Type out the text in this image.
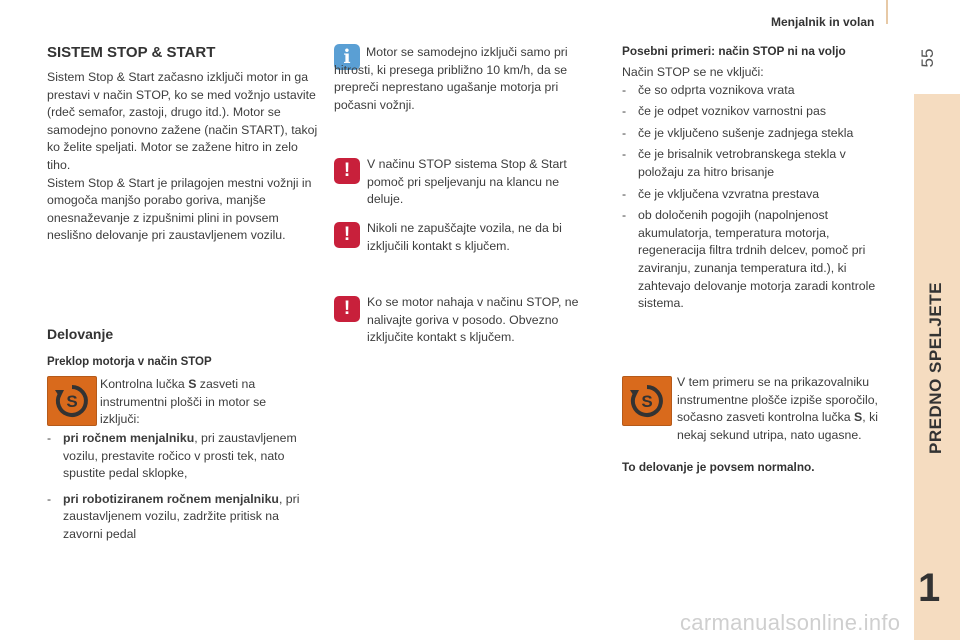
Menjalnik in volan
55
PREDNO SPELJETE
1
SISTEM STOP & START

Sistem Stop & Start začasno izključi motor in ga prestavi v način STOP, ko se med vožnjo ustavite (rdeč semafor, zastoji, drugo itd.). Motor se samodejno ponovno zažene (način START), takoj ko želite speljati. Motor se zažene hitro in zelo tiho.

Sistem Stop & Start je prilagojen mestni vožnji in omogoča manjšo porabo goriva, manjše onesnaževanje z izpušnimi plini in povsem neslišno delovanje pri zaustavljenem vozilu.

Delovanje
Preklop motorja v način STOP
S
Kontrolna lučka S zasveti na instrumentni plošči in motor se izključi:
- pri ročnem menjalniku, pri zaustavljenem vozilu, prestavite ročico v prosti tek, nato spustite pedal sklopke,
- pri robotiziranem ročnem menjalniku, pri zaustavljenem vozilu, zadržite pritisk na zavorni pedal
i	Motor se samodejno izključi samo pri hitrosti, ki presega približno 10 km/h, da se prepreči neprestano ugašanje motorja pri počasni vožnji.
!	V načinu STOP sistema Stop & Start pomoč pri speljevanju na klancu ne deluje.
!	Nikoli ne zapuščajte vozila, ne da bi izključili kontakt s ključem.
!	Ko se motor nahaja v načinu STOP, ne nalivajte goriva v posodo. Obvezno izključite kontakt s ključem.
Posebni primeri: način STOP ni na voljo

Način STOP se ne vključi:

- če so odprta voznikova vrata
- če je odpet voznikov varnostni pas
- če je vključeno sušenje zadnjega stekla
- če je brisalnik vetrobranskega stekla v položaju za hitro brisanje
- če je vključena vzvratna prestava
- ob določenih pogojih (napolnjenost akumulatorja, temperatura motorja, regeneracija filtra trdnih delcev, pomoč pri zaviranju, zunanja temperatura itd.), ki zahtevajo delovanje motorja zaradi kontrole sistema.
S
V tem primeru se na prikazovalniku instrumentne plošče izpiše sporočilo, sočasno zasveti kontrolna lučka S, ki nekaj sekund utripa, nato ugasne.
To delovanje je povsem normalno.
carmanualsonline.info
